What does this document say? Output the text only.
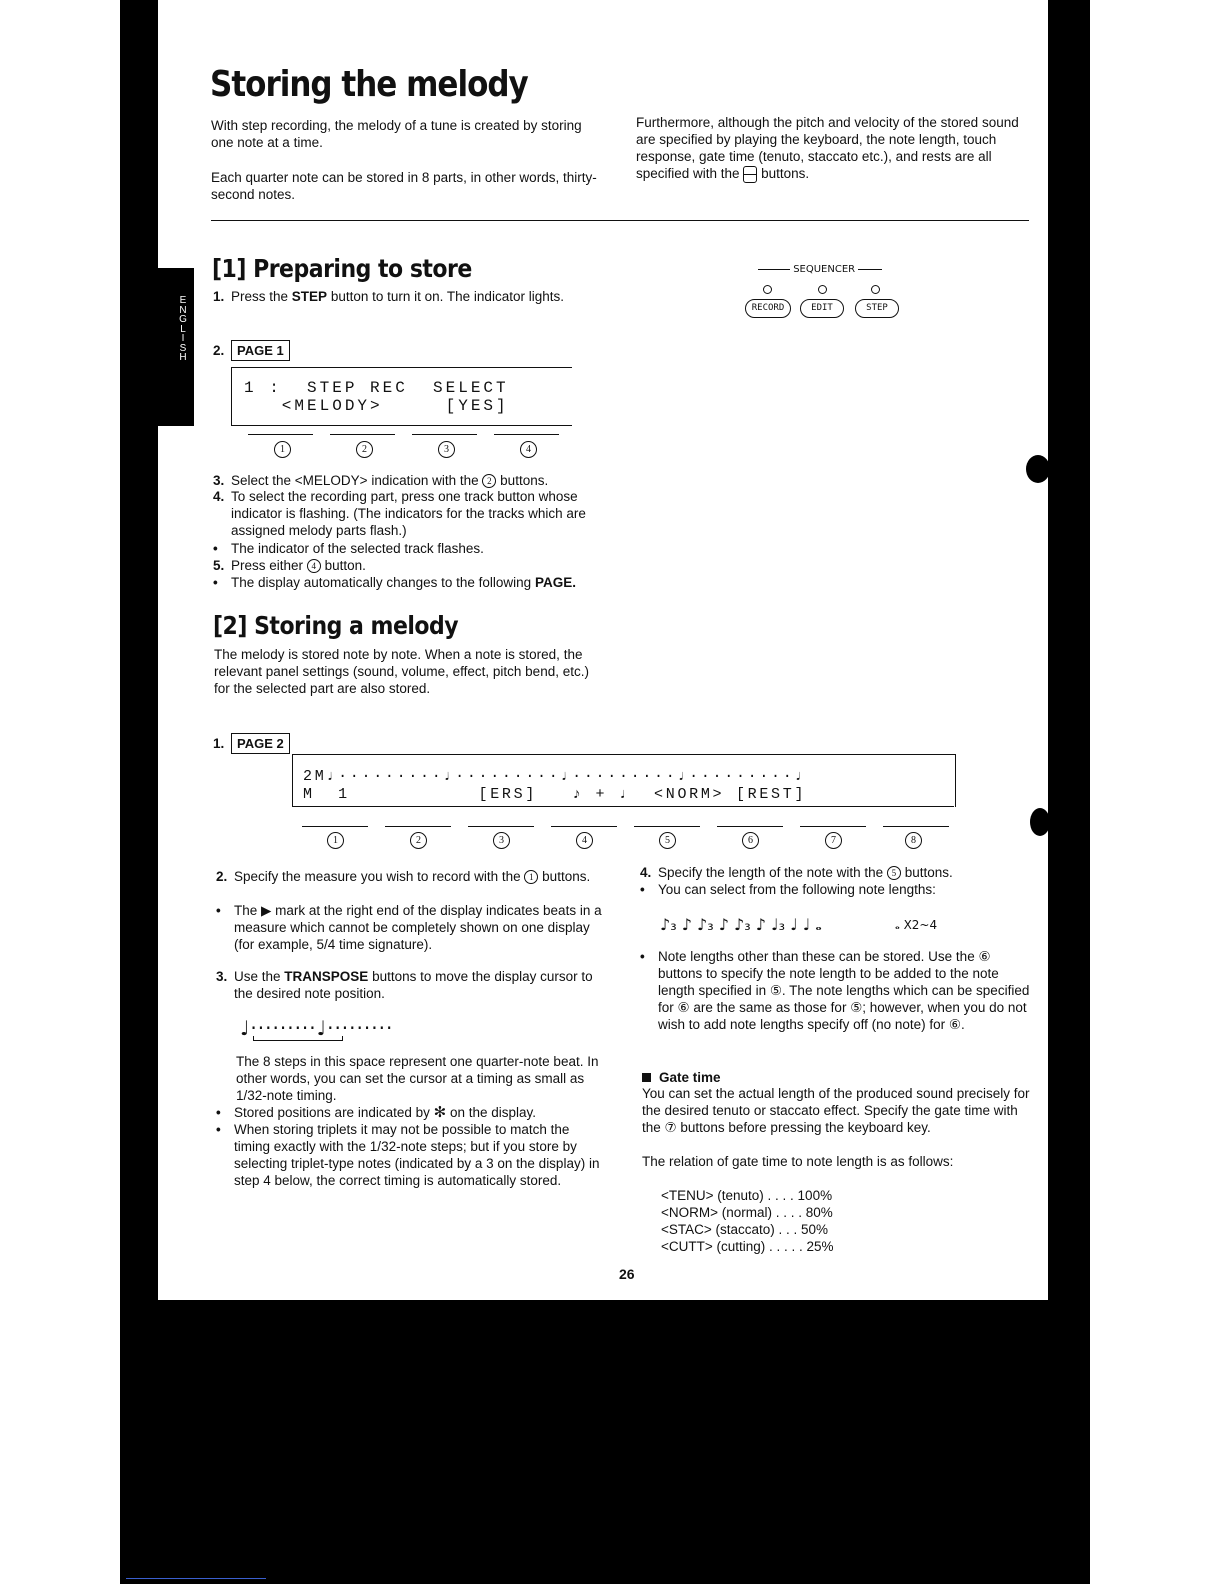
E
N
G
L
I
S
H
Storing the melody
With step recording, the melody of a tune is created by storing one note at a time.
Each quarter note can be stored in 8 parts, in other words, thirty-second notes.
Furthermore, although the pitch and velocity of the stored sound are specified by playing the keyboard, the note length, touch response, gate time (tenuto, staccato etc.), and rests are all specified with the buttons.
[1] Preparing to store
1. Press the STEP button to turn it on. The indicator lights.
SEQUENCER
RECORD	EDIT	STEP
2. PAGE 1
1 :  STEP REC  SELECT
<MELODY>     [YES]
1	2	3	4
3. Select the <MELODY> indication with the 2 buttons.
4. To select the recording part, press one track button whose indicator is flashing. (The indicators for the tracks which are assigned melody parts flash.)
• The indicator of the selected track flashes.
5. Press either 4 button.
• The display automatically changes to the following PAGE.
[2] Storing a melody
The melody is stored note by note. When a note is stored, the relevant panel settings (sound, volume, effect, pitch bend, etc.) for the selected part are also stored.
1. PAGE 2
2M♩·········♩·········♩·········♩·········♩
M  1           [ERS]   ♪ + ♩  <NORM> [REST]
1	2	3	4	5	6	7	8
2. Specify the measure you wish to record with the 1 buttons.
• The ▶ mark at the right end of the display indicates beats in a measure which cannot be completely shown on one display (for example, 5/4 time signature).
3. Use the TRANSPOSE buttons to move the display cursor to the desired note position.
♩·········♩·········
The 8 steps in this space represent one quarter-note beat. In other words, you can set the cursor at a timing as small as 1/32-note timing.
• Stored positions are indicated by ✻ on the display.
• When storing triplets it may not be possible to match the timing exactly with the 1/32-note steps; but if you store by selecting triplet-type notes (indicated by a 3 on the display) in step 4 below, the correct timing is automatically stored.
4. Specify the length of the note with the 5 buttons.
• You can select from the following note lengths:
♪₃ ♪ ♪₃ ♪ ♪₃ ♪ ♩₃ ♩ ♩ 𝅝	𝅝 X2~4
• Note lengths other than these can be stored. Use the ⑥ buttons to specify the note length to be added to the note length specified in ⑤. The note lengths which can be specified for ⑥ are the same as those for ⑤; however, when you do not wish to add note lengths specify off (no note) for ⑥.
Gate time
You can set the actual length of the produced sound precisely for the desired tenuto or staccato effect. Specify the gate time with the ⑦ buttons before pressing the keyboard key.
The relation of gate time to note length is as follows:
<TENU> (tenuto) . . . . 100%
<NORM> (normal) . . . . 80%
<STAC> (staccato) . . . 50%
<CUTT> (cutting) . . . . . 25%
26
